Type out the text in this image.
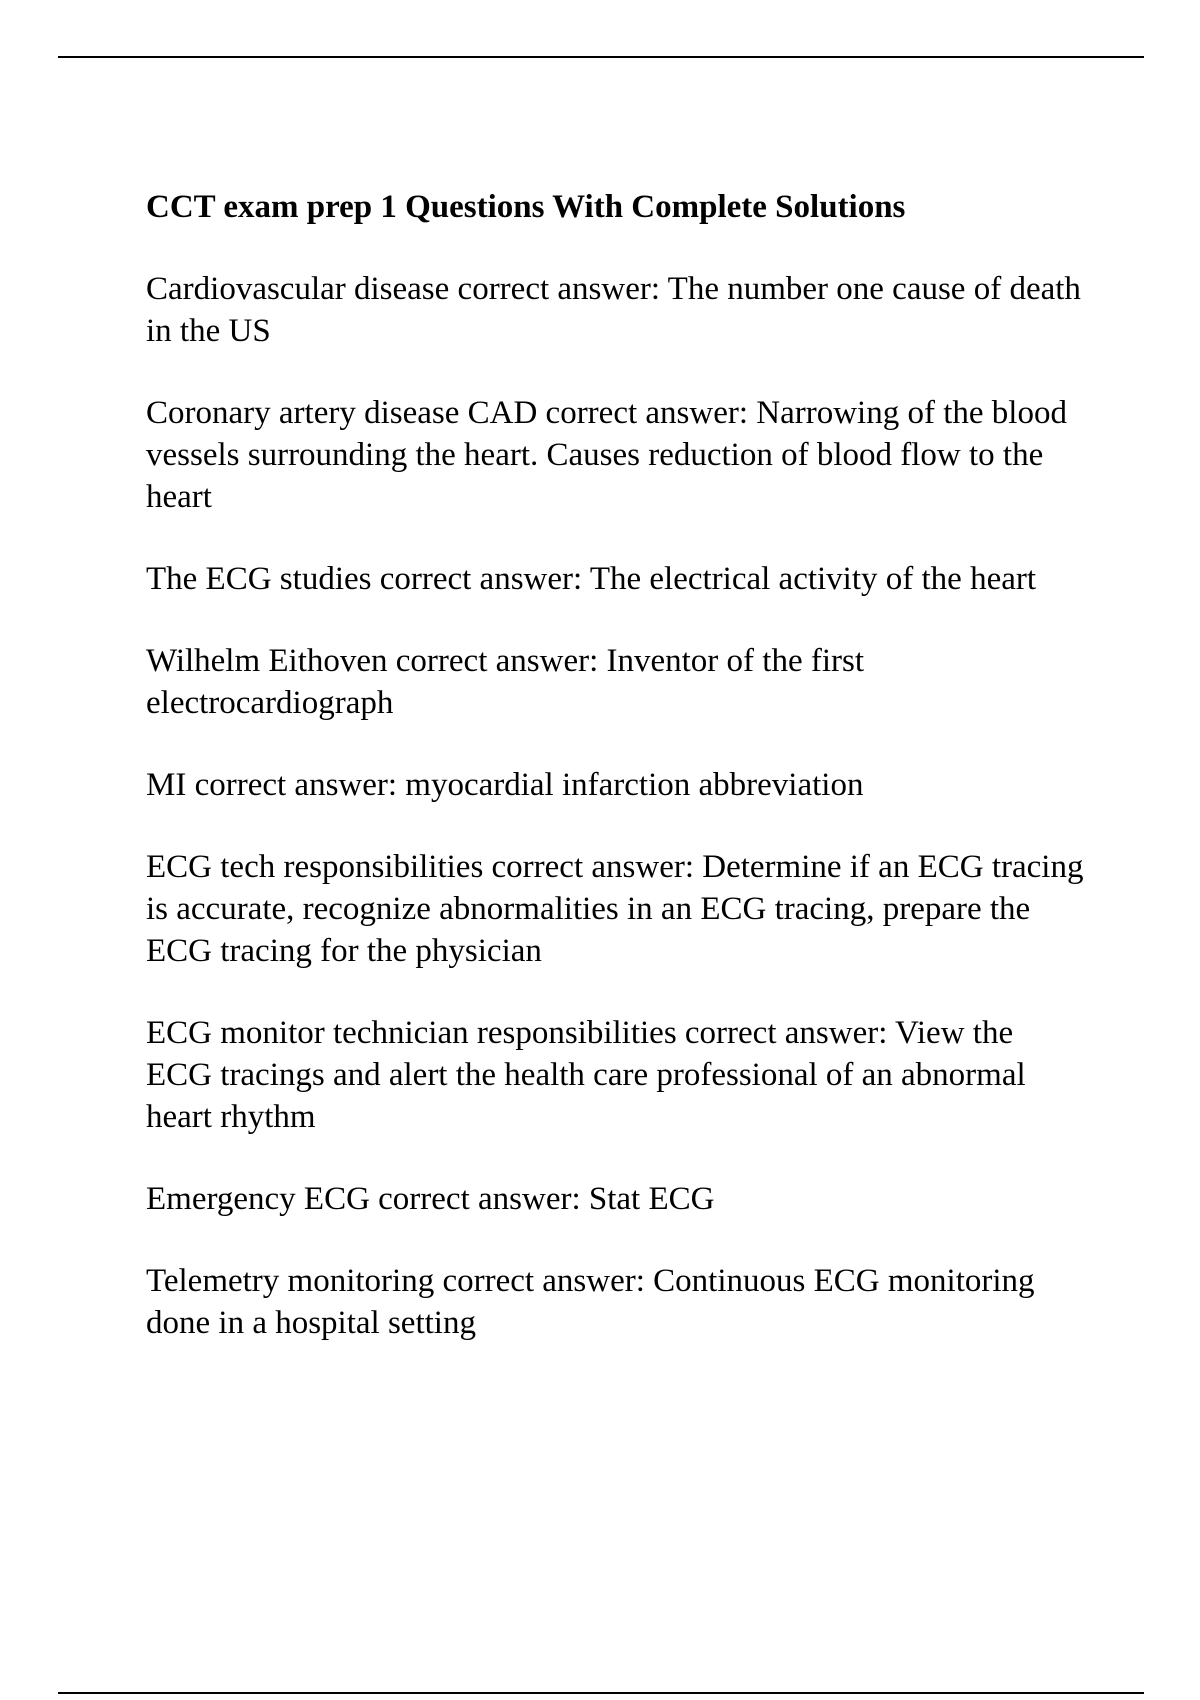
CCT exam prep 1 Questions With Complete Solutions
Cardiovascular disease correct answer: The number one cause of death in the US
Coronary artery disease CAD correct answer: Narrowing of the blood vessels surrounding the heart. Causes reduction of blood flow to the heart
The ECG studies correct answer: The electrical activity of the heart
Wilhelm Eithoven correct answer: Inventor of the first electrocardiograph
MI correct answer: myocardial infarction abbreviation
ECG tech responsibilities correct answer: Determine if an ECG tracing is accurate, recognize abnormalities in an ECG tracing, prepare the ECG tracing for the physician
ECG monitor technician responsibilities correct answer: View the ECG tracings and alert the health care professional of an abnormal heart rhythm
Emergency ECG correct answer: Stat ECG
Telemetry monitoring correct answer: Continuous ECG monitoring done in a hospital setting
